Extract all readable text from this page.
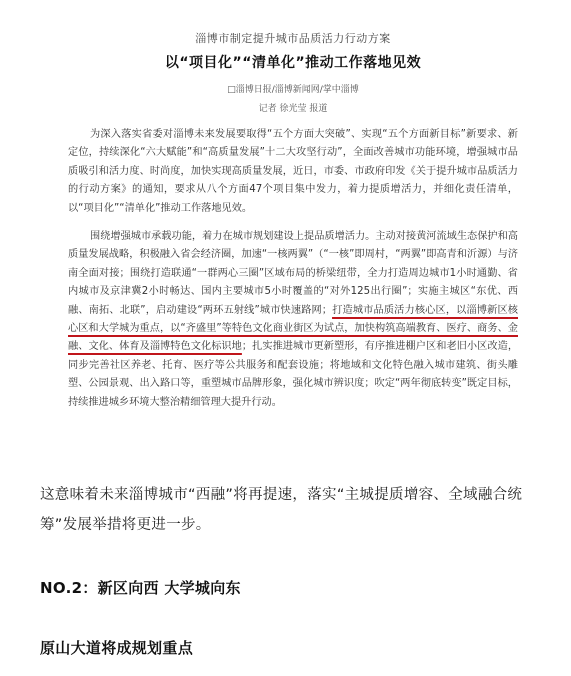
淄博市制定提升城市品质活力行动方案
以“项目化”“清单化”推动工作落地见效
□淄博日报/淄博新闻网/掌中淄博
记者 徐光莹 报道

为深入落实省委对淄博未来发展要取得“五个方面大突破”、实现“五个方面新目标”新要求、新定位，持续深化“六大赋能”和“高质量发展”十二大攻坚行动”，全面改善城市功能环境，增强城市品质吸引和活力度、时尚度，加快实现高质量发展，近日，市委、市政府印发《关于提升城市品质活力的行动方案》的通知，要求从八个方面47个项目集中发力，着力提质增活力，并细化责任清单，以“项目化”“清单化”推动工作落地见效。

围绕增强城市承载功能，着力在城市规划建设上提品质增活力。主动对接黄河流域生态保护和高质量发展战略，积极融入省会经济圈，加速“一核两翼”（“一核”即周村，“两翼”即高青和沂源）与济南全面对接；围绕打造联通“一群两心三圈”区域布局的桥梁纽带，全力打造周边城市1小时通勤、省内城市及京津冀2小时畅达、国内主要城市5小时覆盖的“对外125出行圈”；实施主城区“东优、西融、南拓、北联”，启动建设“两环五射线”城市快速路网；打造城市品质活力核心区，以淄博新区核心区和大学城为重点，以“齐盛里”等特色文化商业街区为试点，加快构筑高端教育、医疗、商务、金融、文化、体育及淄博特色文化标识地；扎实推进城市更新塑形，有序推进棚户区和老旧小区改造，同步完善社区养老、托育、医疗等公共服务和配套设施；将地域和文化特色融入城市建筑、街头雕塑、公园景观、出入路口等，重塑城市品牌形象，强化城市辨识度；吹定“两年彻底转变”既定目标，持续推进城乡环境大整治精细管理大提升行动。

这意味着未来淄博城市“西融”将再提速，落实“主城提质增容、全域融合统筹”发展举措将更进一步。

NO.2：新区向西 大学城向东
原山大道将成规划重点
